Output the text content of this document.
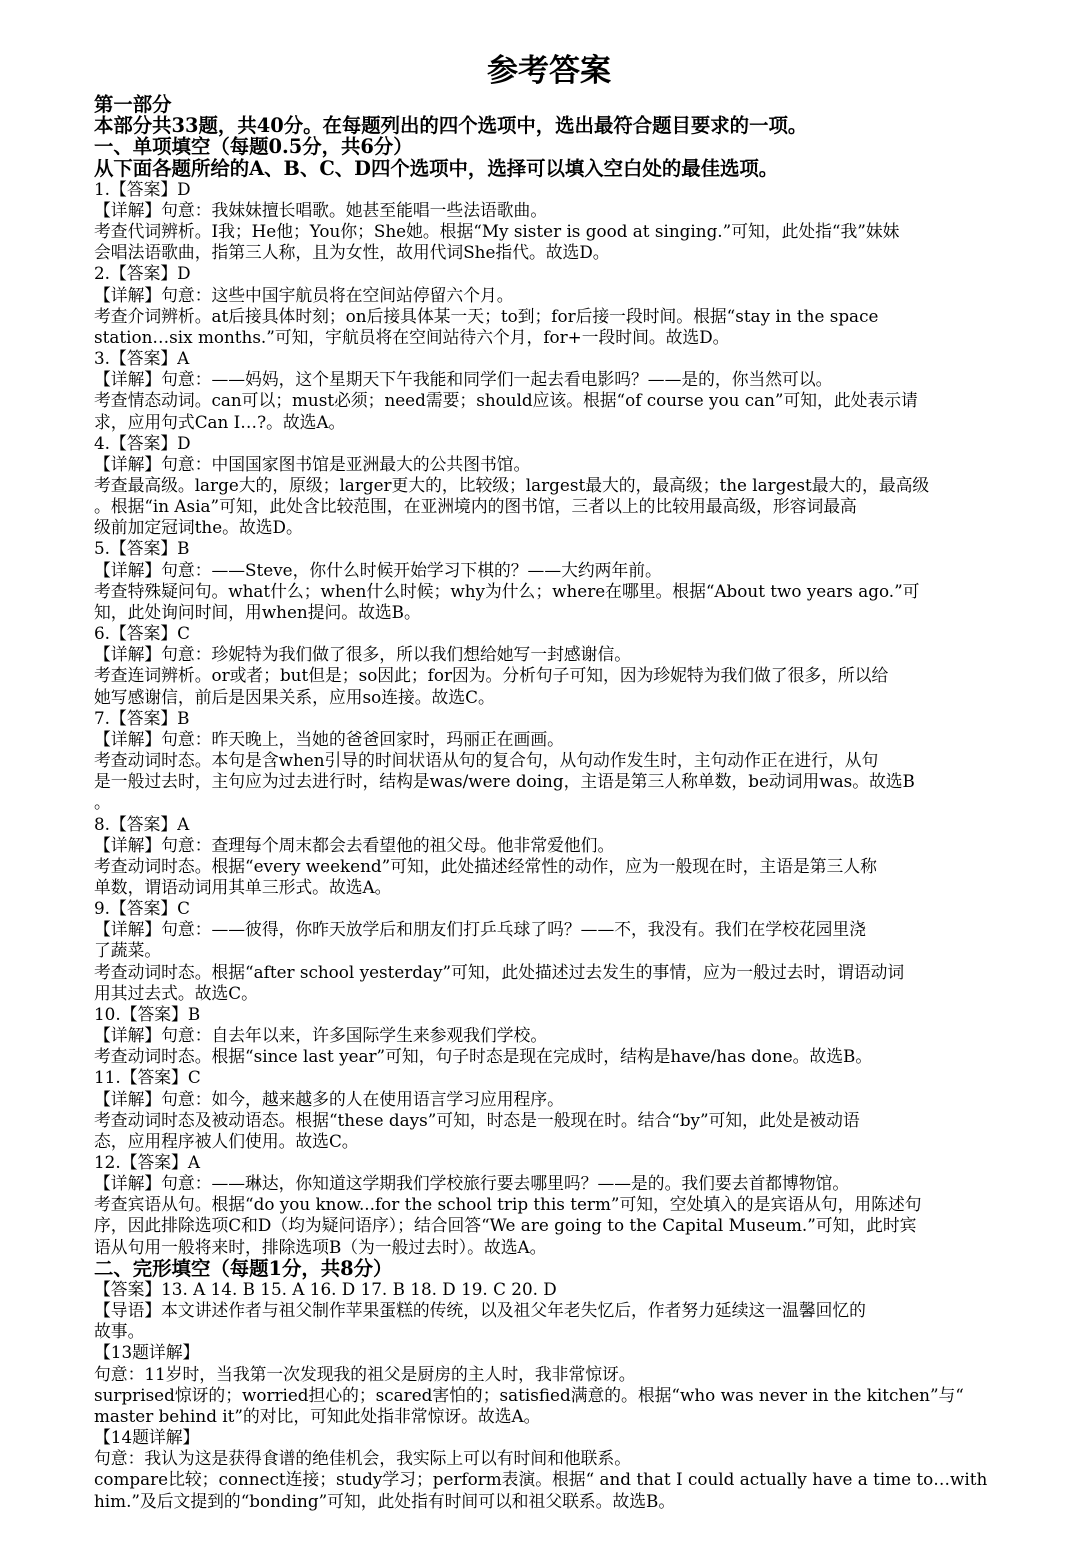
参考答案
第一部分
本部分共33题，共40分。在每题列出的四个选项中，选出最符合题目要求的一项。
一、单项填空（每题0.5分，共6分）
从下面各题所给的A、B、C、D四个选项中，选择可以填入空白处的最佳选项。
1.【答案】D
【详解】句意：我妹妹擅长唱歌。她甚至能唱一些法语歌曲。
考查代词辨析。I我；He他；You你；She她。根据“My sister is good at singing.”可知，此处指“我”妹妹
会唱法语歌曲，指第三人称，且为女性，故用代词She指代。故选D。
2.【答案】D
【详解】句意：这些中国宇航员将在空间站停留六个月。
考查介词辨析。at后接具体时刻；on后接具体某一天；to到；for后接一段时间。根据“stay in the space
station…six months.”可知，宇航员将在空间站待六个月，for+一段时间。故选D。
3.【答案】A
【详解】句意：——妈妈，这个星期天下午我能和同学们一起去看电影吗？——是的，你当然可以。
考查情态动词。can可以；must必须；need需要；should应该。根据“of course you can”可知，此处表示请
求，应用句式Can I…?。故选A。
4.【答案】D
【详解】句意：中国国家图书馆是亚洲最大的公共图书馆。
考查最高级。large大的，原级；larger更大的，比较级；largest最大的，最高级；the largest最大的，最高级
。根据“in Asia”可知，此处含比较范围，在亚洲境内的图书馆，三者以上的比较用最高级，形容词最高
级前加定冠词the。故选D。
5.【答案】B
【详解】句意：——Steve，你什么时候开始学习下棋的？——大约两年前。
考查特殊疑问句。what什么；when什么时候；why为什么；where在哪里。根据“About two years ago.”可
知，此处询问时间，用when提问。故选B。
6.【答案】C
【详解】句意：珍妮特为我们做了很多，所以我们想给她写一封感谢信。
考查连词辨析。or或者；but但是；so因此；for因为。分析句子可知，因为珍妮特为我们做了很多，所以给
她写感谢信，前后是因果关系，应用so连接。故选C。
7.【答案】B
【详解】句意：昨天晚上，当她的爸爸回家时，玛丽正在画画。
考查动词时态。本句是含when引导的时间状语从句的复合句，从句动作发生时，主句动作正在进行，从句
是一般过去时，主句应为过去进行时，结构是was/were doing，主语是第三人称单数，be动词用was。故选B
。
8.【答案】A
【详解】句意：查理每个周末都会去看望他的祖父母。他非常爱他们。
考查动词时态。根据“every weekend”可知，此处描述经常性的动作，应为一般现在时，主语是第三人称
单数，谓语动词用其单三形式。故选A。
9.【答案】C
【详解】句意：——彼得，你昨天放学后和朋友们打乒乓球了吗？——不，我没有。我们在学校花园里浇
了蔬菜。
考查动词时态。根据“after school yesterday”可知，此处描述过去发生的事情，应为一般过去时，谓语动词
用其过去式。故选C。
10.【答案】B
【详解】句意：自去年以来，许多国际学生来参观我们学校。
考查动词时态。根据“since last year”可知，句子时态是现在完成时，结构是have/has done。故选B。
11.【答案】C
【详解】句意：如今，越来越多的人在使用语言学习应用程序。
考查动词时态及被动语态。根据“these days”可知，时态是一般现在时。结合“by”可知，此处是被动语
态，应用程序被人们使用。故选C。
12.【答案】A
【详解】句意：——琳达，你知道这学期我们学校旅行要去哪里吗？——是的。我们要去首都博物馆。
考查宾语从句。根据“do you know...for the school trip this term”可知，空处填入的是宾语从句，用陈述句
序，因此排除选项C和D（均为疑问语序）；结合回答“We are going to the Capital Museum.”可知，此时宾
语从句用一般将来时，排除选项B（为一般过去时）。故选A。
二、完形填空（每题1分，共8分）
【答案】13. A 14. B 15. A 16. D 17. B 18. D 19. C 20. D
【导语】本文讲述作者与祖父制作苹果蛋糕的传统，以及祖父年老失忆后，作者努力延续这一温馨回忆的
故事。
【13题详解】
句意：11岁时，当我第一次发现我的祖父是厨房的主人时，我非常惊讶。
surprised惊讶的；worried担心的；scared害怕的；satisfied满意的。根据“who was never in the kitchen”与“
master behind it”的对比，可知此处指非常惊讶。故选A。
【14题详解】
句意：我认为这是获得食谱的绝佳机会，我实际上可以有时间和他联系。
compare比较；connect连接；study学习；perform表演。根据“ and that I could actually have a time to…with
him.”及后文提到的“bonding”可知，此处指有时间可以和祖父联系。故选B。
